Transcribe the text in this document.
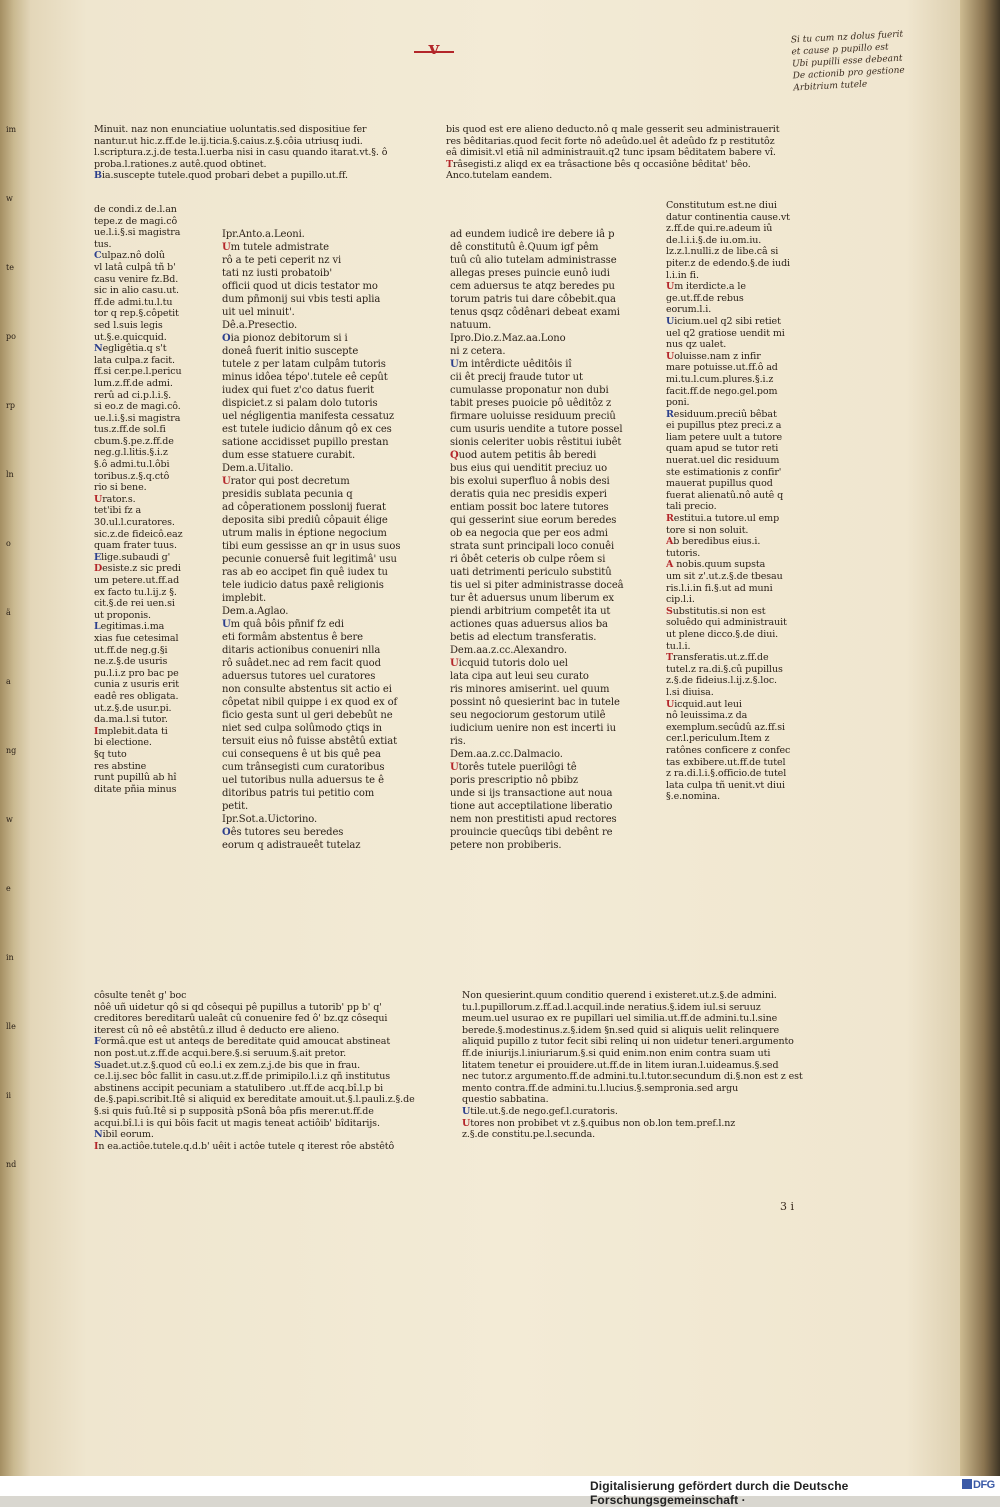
im
w
te
po
rp
ln
o
ä
a
ng
w
e
in
lle
ii
nd
v
Si tu cum nz dolus fuerit
et cause p pupillo est
Ubi pupilli esse debeant
De actionib pro gestione
Arbitrium tutele
Minuit. naz non enunciatiue uoluntatis.sed dispositiue fer
nantur.ut hic.z.ff.de le.ij.ticia.§.caius.z.§.côia utriusq iudi.
l.scriptura.z.j.de testa.l.uerba nisi in casu quando itarat.vt.§. ô
proba.l.rationes.z autê.quod obtinet.
Bia.suscepte tutele.quod probari debet a pupillo.ut.ff.
de condi.z de.l.an
tepe.z de magi.cô
ue.l.i.§.si magistra
tus.
Culpaz.nô dolû
vl latâ culpâ tñ b'
casu venire fz.Bd.
sic in alio casu.ut.
ff.de admi.tu.l.tu
tor q rep.§.côpetit
sed l.suis legis
ut.§.e.quicquid.
Negligêtia.q s't
lata culpa.z facit.
ff.si cer.pe.l.pericu
lum.z.ff.de admi.
rerû ad ci.p.l.i.§.
si eo.z de magi.cô.
ue.l.i.§.si magistra
tus.z.ff.de sol.fi
cbum.§.pe.z.ff.de
neg.g.l.litis.§.i.z
§.ô admi.tu.l.ôbi
toribus.z.§.q.ctô
rio si bene.
Urator.s.
tet'ibi fz a
30.ul.l.curatores.
sic.z.de fideicô.eaz
quam frater tuus.
Elige.subaudi g'
Desiste.z sic predi
um petere.ut.ff.ad
ex facto tu.l.ij.z §.
cit.§.de rei uen.si
ut proponis.
Legitimas.i.ma
xias fue cetesimal
ut.ff.de neg.g.§i
ne.z.§.de usuris
pu.l.i.z pro bac pe
cunia z usuris erit
eadê res obligata.
ut.z.§.de usur.pi.
da.ma.l.si tutor.
Implebit.data ti
bi electione.
§q tuto
res abstine
runt pupillû ab hî
ditate pñia minus
Ipr.Anto.a.Leoni.
Um tutele admistrate
rô a te peti ceperit nz vi
tati nz iusti probatoib'
officii quod ut dicis testator mo
dum pñmonij sui vbis testi aplia
uit uel minuit'.
Dê.a.Presectio.
Oia pionoz debitorum si i
doneâ fuerit initio suscepte
tutele z per latam culpâm tutoris
minus idôea tépo'.tutele eê cepût
iudex qui fuet z'co datus fuerit
dispiciet.z si palam dolo tutoris
uel négligentia manifesta cessatuz
est tutele iudicio dânum qô ex ces
satione accidisset pupillo prestan
dum esse statuere curabit.
Dem.a.Uitalio.
Urator qui post decretum
presidis sublata pecunia q
ad côperationem posslonij fuerat
deposita sibi prediû côpauit élige
utrum malis in éptione negocium
tibi eum gessisse an qr in usus suos
pecunie conuersê fuit legitimâ' usu
ras ab eo accipet fin quê iudex tu
tele iudicio datus paxê religionis
implebit.
Dem.a.Aglao.
Um quâ bôis pñnif fz edi
eti formâm abstentus ê bere
ditaris actionibus conueniri nlla
rô suâdet.nec ad rem facit quod
aduersus tutores uel curatores
non consulte abstentus sit actio ei
côpetat nibil quippe i ex quod ex of
ficio gesta sunt ul geri debebût ne
niet sed culpa solûmodo çtiqs in
tersuit eius nô fuisse abstêtû extiat
cui consequens ê ut bis quê pea
cum trânsegisti cum curatoribus
uel tutoribus nulla aduersus te ê
ditoribus patris tui petitio com
petit.
Ipr.Sot.a.Uictorino.
Oês tutores seu beredes
eorum q adistraueêt tutelaz
bis quod est ere alieno deducto.nô q male gesserit seu administrauerit
res bêditarias.quod fecit forte nô adeûdo.uel êt adeûdo fz p restitutôz
eâ dimisit.vl etiâ nil administrauit.q2 tunc ipsam bêditatem babere vî.
Trâsegisti.z aliqd ex ea trâsactione bês q occasiône bêditat' bêo.
Anco.tutelam eandem.
ad eundem iudicê ire debere iâ p
dê constitutû ê.Quum igf pêm
tuû cû alio tutelam administrasse
allegas preses puincie eunô iudi
cem aduersus te atqz beredes pu
torum patris tui dare côbebit.qua
tenus qsqz côdênari debeat exami
natuum.
Ipro.Dio.z.Maz.aa.Lono
ni z cetera.
Um intêrdicte uêditôis iî
cii êt precij fraude tutor ut
cumulasse proponatur non dubi
tabit preses puoicie pô uêditôz z
firmare uoluisse residuum preciû
cum usuris uendite a tutore possel
sionis celeriter uobis rêstitui iubêt
Quod autem petitis âb beredi
bus eius qui uenditit preciuz uo
bis exolui superfluo â nobis desi
deratis quia nec presidis experi
entiam possit boc latere tutores
qui gesserint siue eorum beredes
ob ea negocia que per eos admi
strata sunt principali loco conuêi
ri ôbêt ceteris ob culpe rôem si
uati detrimenti periculo substitû
tis uel si piter administrasse doceâ
tur êt aduersus unum liberum ex
piendi arbitrium competêt ita ut
actiones quas aduersus alios ba
betis ad electum transferatis.
Dem.aa.z.cc.Alexandro.
Uicquid tutoris dolo uel
lata cipa aut leui seu curato
ris minores amiserint. uel quum
possint nô quesierint bac in tutele
seu negociorum gestorum utilê
iudicium uenire non est incerti iu
ris.
Dem.aa.z.cc.Dalmacio.
Utorês tutele puerilôgi tê
poris prescriptio nô pbibz
unde si ijs transactione aut noua
tione aut acceptilatione liberatio
nem non prestitisti apud rectores
prouincie quecûqs tibi debênt re
petere non probiberis.
Constitutum est.ne diui
datur continentia cause.vt
z.ff.de qui.re.adeum iû
de.l.i.i.§.de iu.om.iu.
lz.z.l.nulli.z de libe.câ si
piter.z de edendo.§.de iudi
l.i.in fi.
Um iterdicte.a le
ge.ut.ff.de rebus
eorum.l.i.
Uicium.uel q2 sibi retiet
uel q2 gratiose uendit mi
nus qz ualet.
Uoluisse.nam z infir
mare potuisse.ut.ff.ô ad
mi.tu.l.cum.plures.§.i.z
facit.ff.de nego.gel.pom
poni.
Residuum.preciû bêbat
ei pupillus ptez preci.z a
liam petere uult a tutore
quam apud se tutor reti
nuerat.uel dic residuum
ste estimationis z confir'
mauerat pupillus quod
fuerat alienatû.nô autê q
tali precio.
Restitui.a tutore.ul emp
tore si non soluit.
Ab beredibus eius.i.
tutoris.
A nobis.quum supsta
um sit z'.ut.z.§.de tbesau
ris.l.i.in fi.§.ut ad muni
cip.l.i.
Substitutis.si non est
soluêdo qui administrauit
ut plene dicco.§.de diui.
tu.l.i.
Transferatis.ut.z.ff.de
tutel.z ra.di.§.cû pupillus
z.§.de fideius.l.ij.z.§.loc.
l.si diuisa.
Uicquid.aut leui
nô leuissima.z da
exemplum.secûdû az.ff.si
cer.l.periculum.Item z
ratônes conficere z confec
tas exbibere.ut.ff.de tutel
z ra.di.l.i.§.officio.de tutel
lata culpa tñ uenit.vt diui
§.e.nomina.
côsulte tenêt g' boc
nôê uñ uidetur qô si qd côsequi pê pupillus a tutorib' pp b' q'
creditores bereditarû ualeât cû conuenire fed ô' bz.qz côsequi
iterest cû nô eê abstêtû.z illud ê deducto ere alieno.
Formâ.que est ut anteqs de bereditate quid amoucat abstineat
non post.ut.z.ff.de acqui.bere.§.si seruum.§.ait pretor.
Suadet.ut.z.§.quod cû eo.l.i ex zem.z.j.de bis que in frau.
ce.l.ij.sec bôc fallit in casu.ut.z.ff.de primipilo.l.i.z qñ institutus
abstinens accipit pecuniam a statulibero .ut.ff.de acq.bî.l.p bi
de.§.papi.scribit.Itê si aliquid ex bereditate amouit.ut.§.l.pauli.z.§.de
§.si quis fuû.Itê si p supposità pSonâ bôa pfis merer.ut.ff.de
acqui.bî.l.i is qui bôis facit ut magis teneat actiôib' bîditarijs.
Nibil eorum.
In ea.actiôe.tutele.q.d.b' uêit i actôe tutele q iterest rôe abstêtô
Non quesierint.quum conditio querend i existeret.ut.z.§.de admini.
tu.l.pupillorum.z.ff.ad.l.acquil.inde neratius.§.idem iul.si seruuz
meum.uel usurao ex re pupillari uel similia.ut.ff.de admini.tu.l.sine
berede.§.modestinus.z.§.idem §n.sed quid si aliquis uelit relinquere
aliquid pupillo z tutor fecit sibi relinq ui non uidetur teneri.argumento
ff.de iniurijs.l.iniuriarum.§.si quid enim.non enim contra suam uti
litatem tenetur ei prouidere.ut.ff.de in litem iuran.l.uideamus.§.sed
nec tutor.z argumento.ff.de admini.tu.l.tutor.secundum di.§.non est z est
mento contra.ff.de admini.tu.l.lucius.§.sempronia.sed argu
questio sabbatina.
Utile.ut.§.de nego.gef.l.curatoris.
Utores non probibet vt z.§.quibus non ob.lon tem.pref.l.nz
z.§.de constitu.pe.l.secunda.
3 i
Digitalisierung gefördert durch die Deutsche Forschungsgemeinschaft ·
DFG
